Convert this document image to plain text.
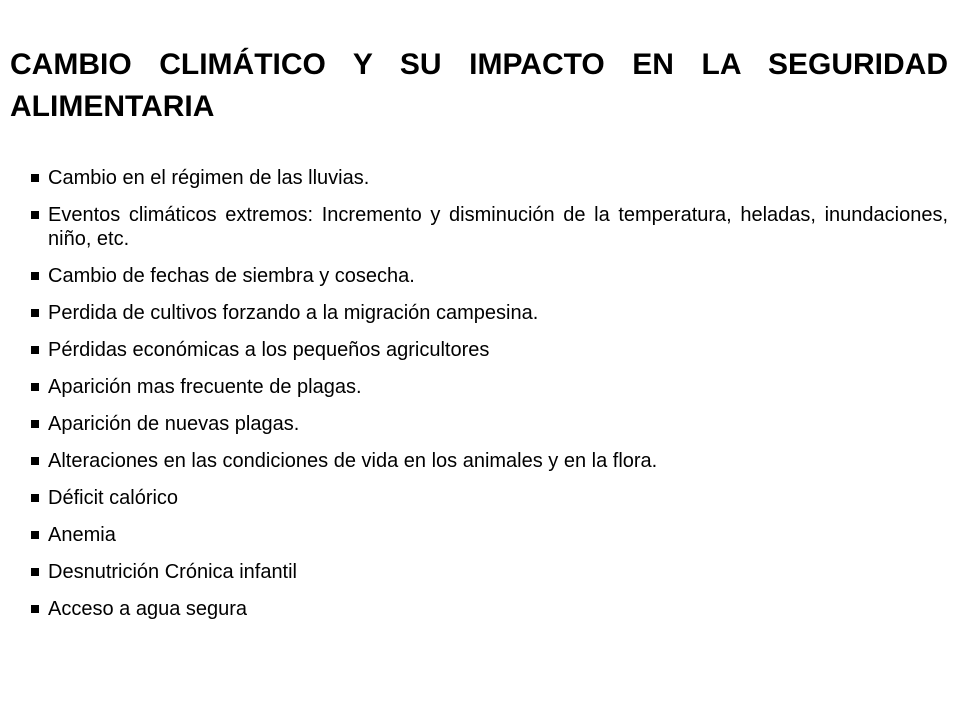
CAMBIO CLIMÁTICO Y SU IMPACTO EN LA SEGURIDAD ALIMENTARIA
Cambio en el régimen de las lluvias.
Eventos climáticos extremos: Incremento y disminución de la temperatura, heladas, inundaciones, niño, etc.
Cambio de fechas de siembra y cosecha.
Perdida de cultivos forzando a la migración campesina.
Pérdidas económicas a los pequeños agricultores
Aparición mas frecuente de plagas.
Aparición de nuevas plagas.
Alteraciones en las condiciones de vida en los animales y en la flora.
Déficit calórico
Anemia
Desnutrición Crónica infantil
Acceso a agua segura
